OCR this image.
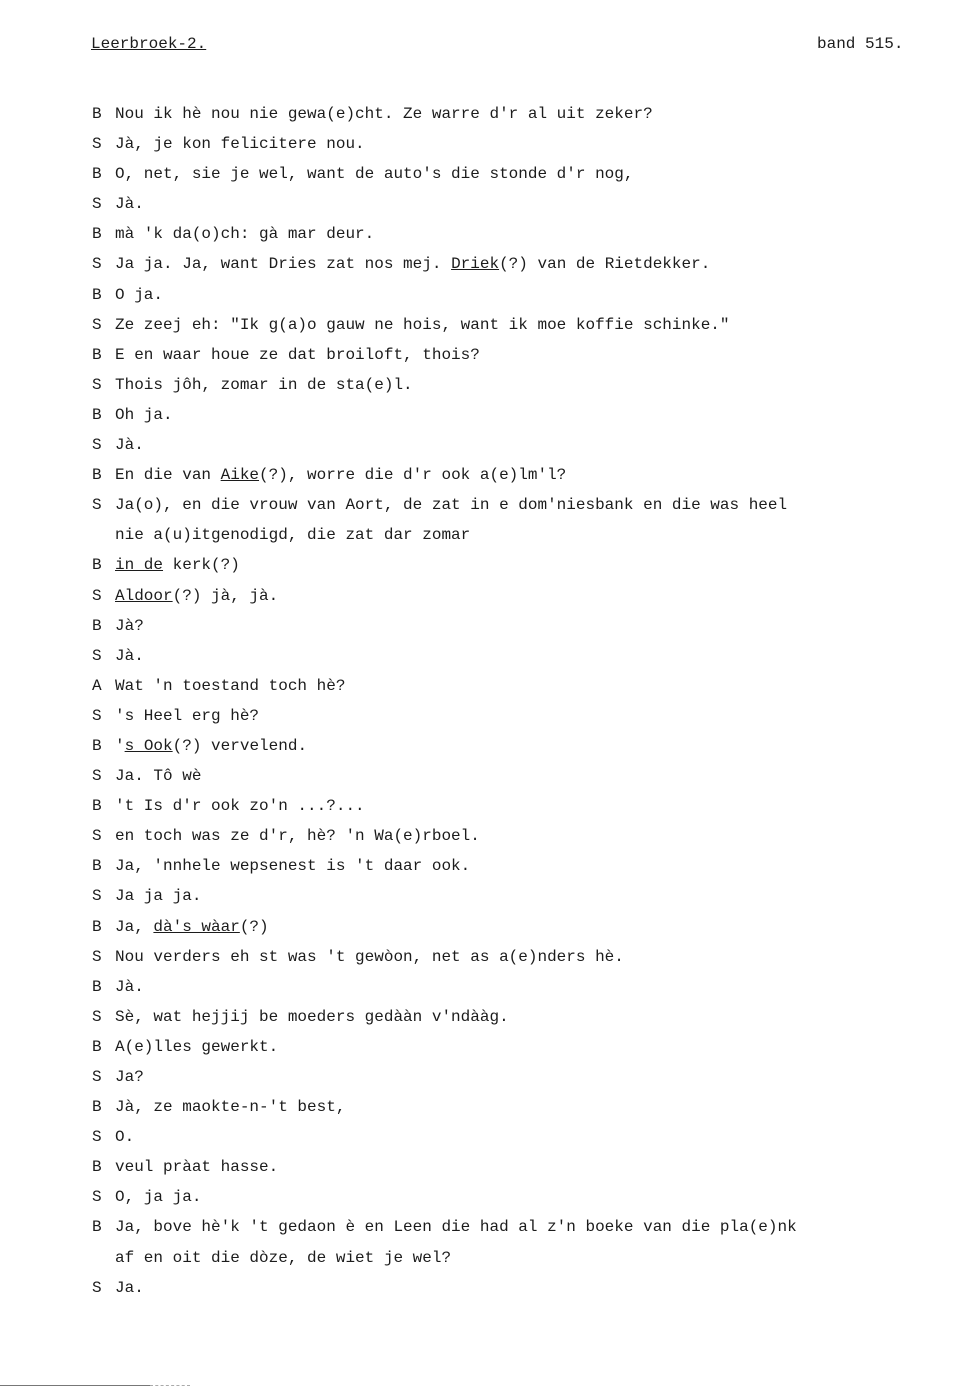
Leerbroek-2.	band 515.
B Nou ik hè nou nie gewa(e)cht. Ze warre d'r al uit zeker?
S Jà, je kon felicitere nou.
B O, net, sie je wel, want de auto's die stonde d'r nog,
S Jà.
B mà 'k da(o)ch: gà mar deur.
S Ja ja. Ja, want Dries zat nos mej. Driek(?) van de Rietdekker.
B O ja.
S Ze zeej eh: "Ik g(a)o gauw ne hois, want ik moe koffie schinke."
B E en waar houe ze dat broiloft, thois?
S Thois jôh, zomar in de sta(e)l.
B Oh ja.
S Jà.
B En die van Aike(?), worre die d'r ook a(e)lm'l?
S Ja(o), en die vrouw van Aort, de zat in e dom'niesbank en die was heel
nie a(u)itgenodigd, die zat dar zomar
B in de kerk(?)
S Aldoor(?) jà, jà.
B Jà?
S Jà.
A Wat 'n toestand toch hè?
S 's Heel erg hè?
B 's Ook(?) vervelend.
S Ja. Tô wè
B 't Is d'r ook zo'n ...?...
S en toch was ze d'r, hè? 'n Wa(e)rboel.
B Ja, 'nnhele wepsenest is 't daar ook.
S Ja ja ja.
B Ja, dà's wàar(?)
S Nou verders eh st was 't gewòon, net as a(e)nders hè.
B Jà.
S Sè, wat hejjij be moeders gedààn v'ndààg.
B A(e)lles gewerkt.
S Ja?
B Jà, ze maokte-n-'t best,
S O.
B veul pràat hasse.
S O, ja ja.
B Ja, bove hè'k 't gedaon è en Leen die had al z'n boeke van die pla(e)nk
af en oit die dòze, de wiet je wel?
S Ja.
